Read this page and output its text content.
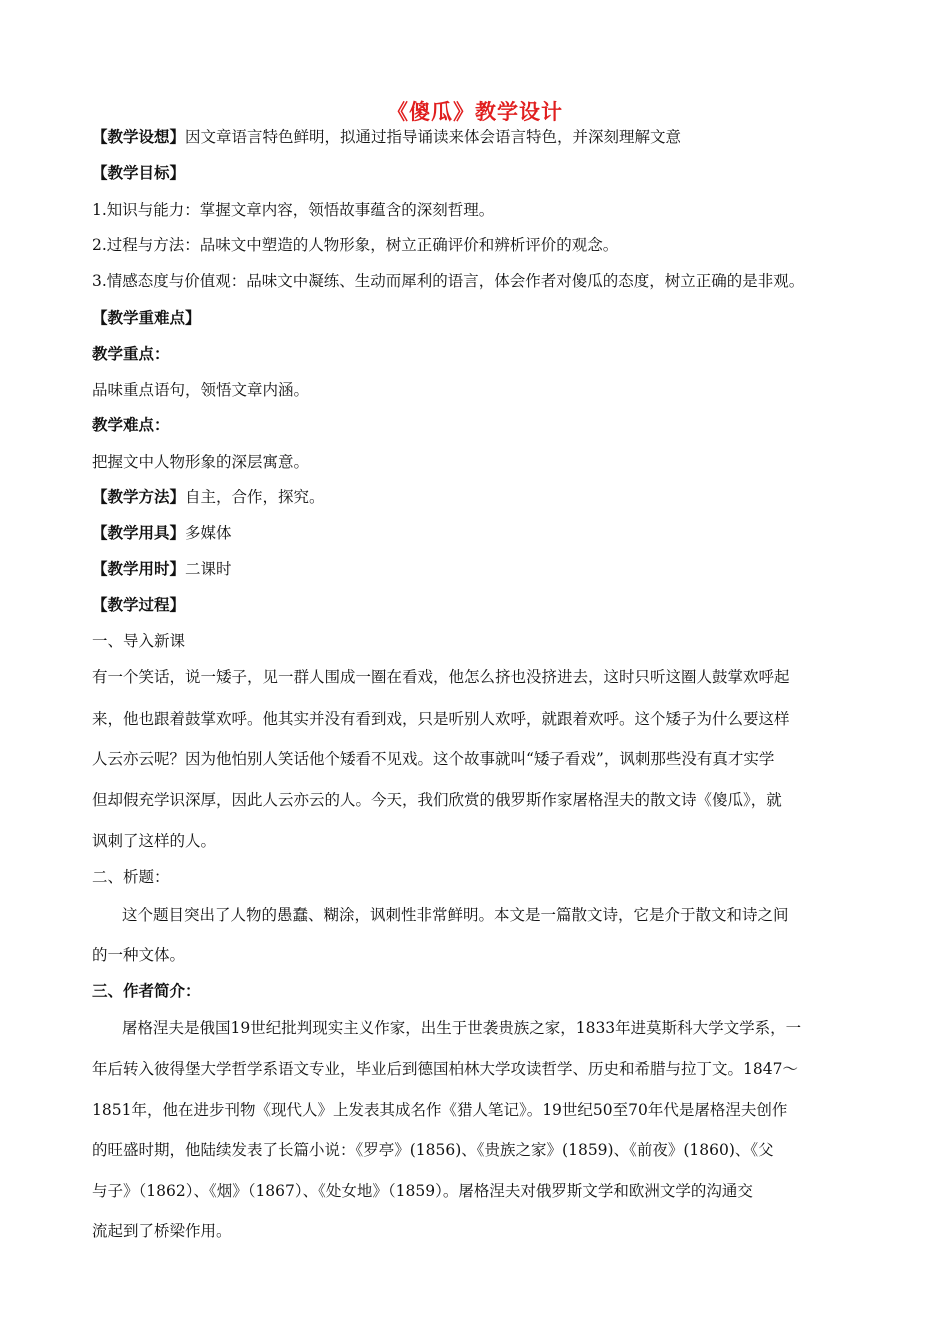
《傻瓜》教学设计
【教学设想】因文章语言特色鲜明，拟通过指导诵读来体会语言特色，并深刻理解文意
【教学目标】
1.知识与能力：掌握文章内容，领悟故事蕴含的深刻哲理。
2.过程与方法：品味文中塑造的人物形象，树立正确评价和辨析评价的观念。
3.情感态度与价值观：品味文中凝练、生动而犀利的语言，体会作者对傻瓜的态度，树立正确的是非观。
【教学重难点】
教学重点：
品味重点语句，领悟文章内涵。
教学难点：
把握文中人物形象的深层寓意。
【教学方法】自主，合作，探究。
【教学用具】多媒体
【教学用时】二课时
【教学过程】
一、导入新课
有一个笑话，说一矮子，见一群人围成一圈在看戏，他怎么挤也没挤进去，这时只听这圈人鼓掌欢呼起
来，他也跟着鼓掌欢呼。他其实并没有看到戏，只是听别人欢呼，就跟着欢呼。这个矮子为什么要这样
人云亦云呢？因为他怕别人笑话他个矮看不见戏。这个故事就叫“矮子看戏”，讽刺那些没有真才实学
但却假充学识深厚，因此人云亦云的人。今天，我们欣赏的俄罗斯作家屠格涅夫的散文诗《傻瓜》，就
讽刺了这样的人。
二、析题：
这个题目突出了人物的愚蠢、糊涂，讽刺性非常鲜明。本文是一篇散文诗，它是介于散文和诗之间
的一种文体。
三、作者简介：
屠格涅夫是俄国19世纪批判现实主义作家，出生于世袭贵族之家，1833年进莫斯科大学文学系，一
年后转入彼得堡大学哲学系语文专业，毕业后到德国柏林大学攻读哲学、历史和希腊与拉丁文。1847～
1851年，他在进步刊物《现代人》上发表其成名作《猎人笔记》。19世纪50至70年代是屠格涅夫创作
的旺盛时期，他陆续发表了长篇小说：《罗亭》(1856)、《贵族之家》(1859)、《前夜》(1860)、《父
与子》（1862）、《烟》（1867）、《处女地》（1859）。屠格涅夫对俄罗斯文学和欧洲文学的沟通交
流起到了桥梁作用。
